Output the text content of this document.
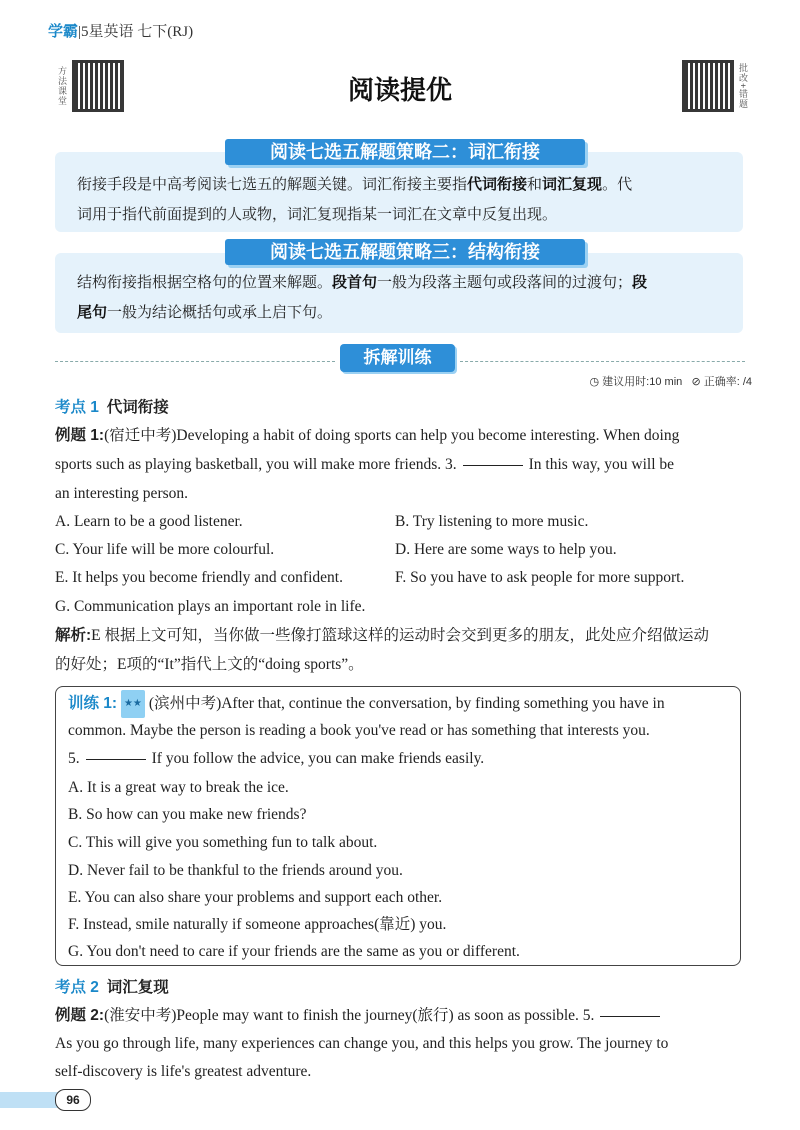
学霸|5星英语 七下(RJ)
方法课堂	批改+错题
阅读提优

衔接手段是中高考阅读七选五的解题关键。词汇衔接主要指代词衔接和词汇复现。代

词用于指代前面提到的人或物，词汇复现指某一词汇在文章中反复出现。

阅读七选五解题策略二：词汇衔接

结构衔接指根据空格句的位置来解题。段首句一般为段落主题句或段落间的过渡句；段

尾句一般为结论概括句或承上启下句。

阅读七选五解题策略三：结构衔接
拆解训练
◷ 建议用时:10 min ⊘ 正确率: /4
考点 1 代词衔接
例题 1:(宿迁中考)Developing a habit of doing sports can help you become interesting. When doing
sports such as playing basketball, you will make more friends. 3.	In this way, you will be
an interesting person.
A. Learn to be a good listener.	B. Try listening to more music.
C. Your life will be more colourful.	D. Here are some ways to help you.
E. It helps you become friendly and confident.	F. So you have to ask people for more support.
G. Communication plays an important role in life.
解析:E 根据上文可知，当你做一些像打篮球这样的运动时会交到更多的朋友，此处应介绍做运动
的好处；E项的“It”指代上文的“doing sports”。
训练 1: ★★ (滨州中考)After that, continue the conversation, by finding something you have in
common. Maybe the person is reading a book you've read or has something that interests you.
5.	If you follow the advice, you can make friends easily.
A. It is a great way to break the ice.
B. So how can you make new friends?
C. This will give you something fun to talk about.
D. Never fail to be thankful to the friends around you.
E. You can also share your problems and support each other.
F. Instead, smile naturally if someone approaches(靠近) you.
G. You don't need to care if your friends are the same as you or different.
考点 2 词汇复现
例题 2:(淮安中考)People may want to finish the journey(旅行) as soon as possible. 5.
As you go through life, many experiences can change you, and this helps you grow. The journey to
self-discovery is life's greatest adventure.
96
